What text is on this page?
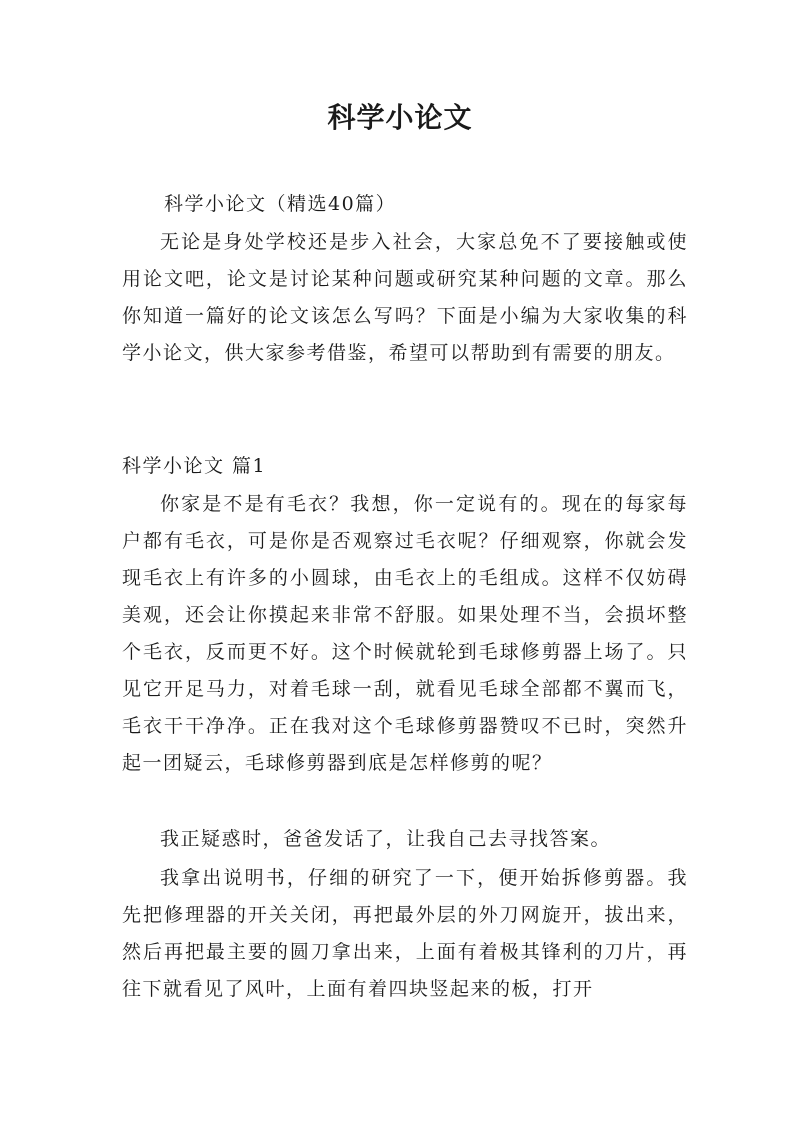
科学小论文

科学小论文（精选40篇）

无论是身处学校还是步入社会，大家总免不了要接触或使用论文吧，论文是讨论某种问题或研究某种问题的文章。那么你知道一篇好的论文该怎么写吗？下面是小编为大家收集的科学小论文，供大家参考借鉴，希望可以帮助到有需要的朋友。

科学小论文 篇1

你家是不是有毛衣？我想，你一定说有的。现在的每家每户都有毛衣，可是你是否观察过毛衣呢？仔细观察，你就会发现毛衣上有许多的小圆球，由毛衣上的毛组成。这样不仅妨碍美观，还会让你摸起来非常不舒服。如果处理不当，会损坏整个毛衣，反而更不好。这个时候就轮到毛球修剪器上场了。只见它开足马力，对着毛球一刮，就看见毛球全部都不翼而飞，毛衣干干净净。正在我对这个毛球修剪器赞叹不已时，突然升起一团疑云，毛球修剪器到底是怎样修剪的呢？

我正疑惑时，爸爸发话了，让我自己去寻找答案。

我拿出说明书，仔细的研究了一下，便开始拆修剪器。我先把修理器的开关关闭，再把最外层的外刀网旋开，拔出来，然后再把最主要的圆刀拿出来，上面有着极其锋利的刀片，再往下就看见了风叶，上面有着四块竖起来的板，打开
